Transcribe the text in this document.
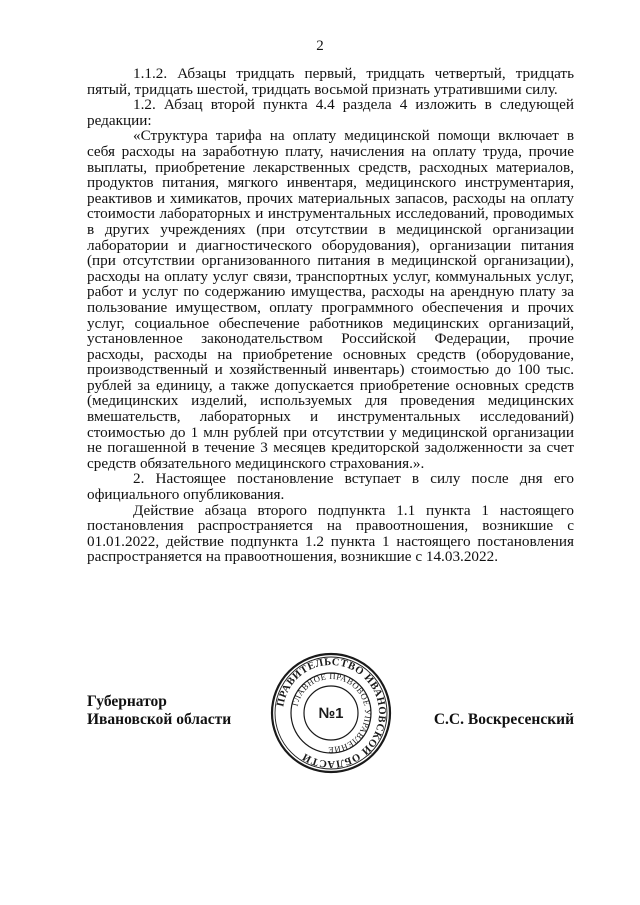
2

1.1.2. Абзацы тридцать первый, тридцать четвертый, тридцать пятый, тридцать шестой, тридцать восьмой признать утратившими силу.

1.2. Абзац второй пункта 4.4 раздела 4 изложить в следующей редакции:

«Структура тарифа на оплату медицинской помощи включает в себя расходы на заработную плату, начисления на оплату труда, прочие выплаты, приобретение лекарственных средств, расходных материалов, продуктов питания, мягкого инвентаря, медицинского инструментария, реактивов и химикатов, прочих материальных запасов, расходы на оплату стоимости лабораторных и инструментальных исследований, проводимых в других учреждениях (при отсутствии в медицинской организации лаборатории и диагностического оборудования), организации питания (при отсутствии организованного питания в медицинской организации), расходы на оплату услуг связи, транспортных услуг, коммунальных услуг, работ и услуг по содержанию имущества, расходы на арендную плату за пользование имуществом, оплату программного обеспечения и прочих услуг, социальное обеспечение работников медицинских организаций, установленное законодательством Российской Федерации, прочие расходы, расходы на приобретение основных средств (оборудование, производственный и хозяйственный инвентарь) стоимостью до 100 тыс. рублей за единицу, а также допускается приобретение основных средств (медицинских изделий, используемых для проведения медицинских вмешательств, лабораторных и инструментальных исследований) стоимостью до 1 млн рублей при отсутствии у медицинской организации не погашенной в течение 3 месяцев кредиторской задолженности за счет средств обязательного медицинского страхования.».

2. Настоящее постановление вступает в силу после дня его официального опубликования.

Действие абзаца второго подпункта 1.1 пункта 1 настоящего постановления распространяется на правоотношения, возникшие с 01.01.2022, действие подпункта 1.2 пункта 1 настоящего постановления распространяется на правоотношения, возникшие с 14.03.2022.

Губернатор
Ивановской области
ПРАВИТЕЛЬСТВО ИВАНОВСКОЙ ОБЛАСТИ
ГЛАВНОЕ ПРАВОВОЕ УПРАВЛЕНИЕ
№1	С.С. Воскресенский
